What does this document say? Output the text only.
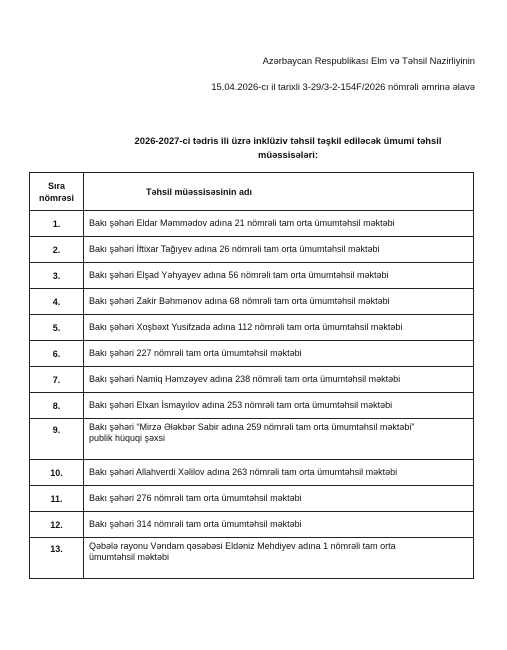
Azərbaycan Respublikası Elm və Təhsil Nazirliyinin
15.04.2026-cı il tarixli 3-29/3-2-154F/2026 nömrəli əmrinə əlavə
2026-2027-ci tədris ili üzrə inklüziv təhsil təşkil ediləcək ümumi təhsil
müəssisələri:
Sıra
nömrəsi	Təhsil müəssisəsinin adı
1.	Bakı şəhəri Eldar Məmmədov adına 21 nömrəli tam orta ümumtəhsil məktəbi
2.	Bakı şəhəri İftixar Tağıyev adına 26 nömrəli tam orta ümumtəhsil məktəbi
3.	Bakı şəhəri Elşad Yəhyayev adına 56 nömrəli tam orta ümumtəhsil məktəbi
4.	Bakı şəhəri Zakir Bəhmənov adına 68 nömrəli tam orta ümumtəhsil məktəbi
5.	Bakı şəhəri Xoşbəxt Yusifzadə adına 112 nömrəli tam orta ümumtəhsil məktəbi
6.	Bakı şəhəri 227 nömrəli tam orta ümumtəhsil məktəbi
7.	Bakı şəhəri Namiq Həmzəyev adına 238 nömrəli tam orta ümumtəhsil məktəbi
8.	Bakı şəhəri Elxan İsmayılov adına 253 nömrəli tam orta ümumtəhsil məktəbi
9.	Bakı şəhəri “Mirzə Ələkbər Sabir adına 259 nömrəli tam orta ümumtəhsil məktəbi”
publik hüquqi şəxsi

10.	Bakı şəhəri Allahverdi Xəlilov adına 263 nömrəli tam orta ümumtəhsil məktəbi
11.	Bakı şəhəri 276 nömrəli tam orta ümumtəhsil məktəbi
12.	Bakı şəhəri 314 nömrəli tam orta ümumtəhsil məktəbi
13.	Qəbələ rayonu Vəndam qəsəbəsi Eldəniz Mehdiyev adına 1 nömrəli tam orta
ümumtəhsil məktəbi
